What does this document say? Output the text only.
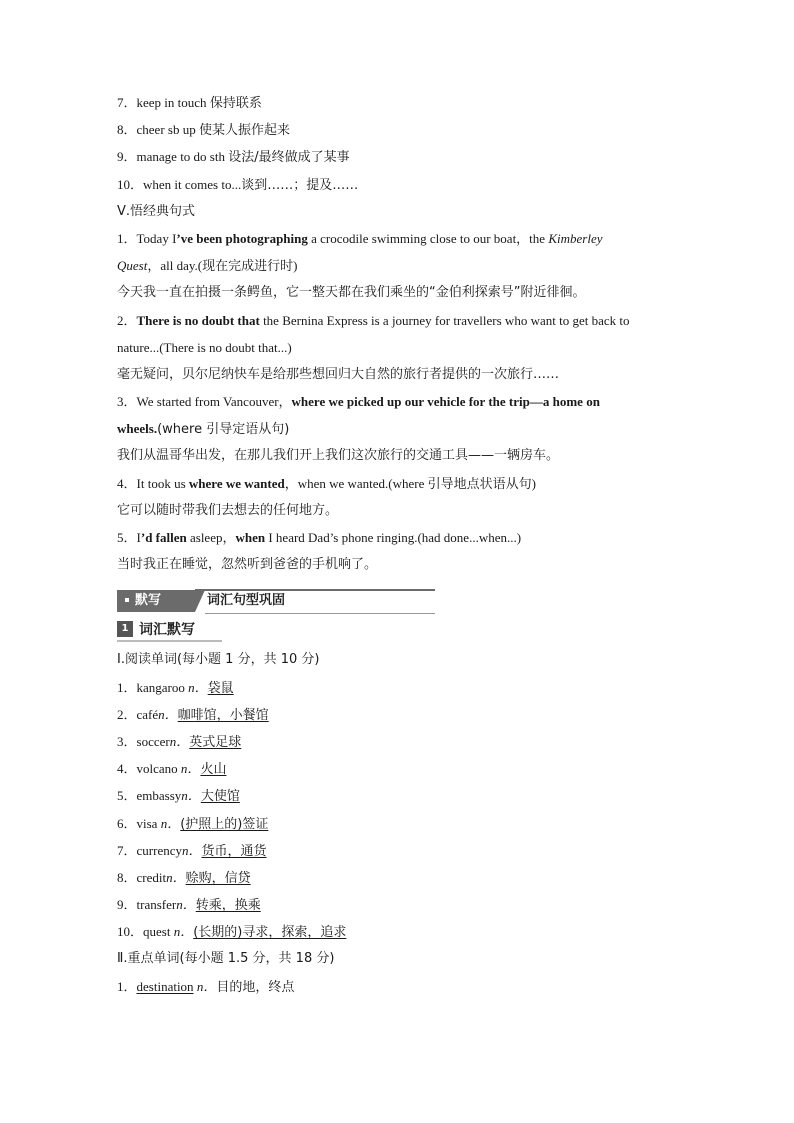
7．keep in touch 保持联系
8．cheer sb up 使某人振作起来
9．manage to do sth 设法/最终做成了某事
10．when it comes to...谈到……；提及……
Ⅴ.悟经典句式
1．Today I’ve been photographing a crocodile swimming close to our boat，the Kimberley
Quest，all day.(现在完成进行时)
今天我一直在拍摄一条鳄鱼，它一整天都在我们乘坐的“金伯利探索号”附近徘徊。
2．There is no doubt that the Bernina Express is a journey for travellers who want to get back to
nature...(There is no doubt that...)
毫无疑问，贝尔尼纳快车是给那些想回归大自然的旅行者提供的一次旅行……
3．We started from Vancouver，where we picked up our vehicle for the trip—a home on
wheels.(where 引导定语从句)
我们从温哥华出发，在那儿我们开上我们这次旅行的交通工具——一辆房车。
4．It took us where we wanted，when we wanted.(where 引导地点状语从句)
它可以随时带我们去想去的任何地方。
5．I’d fallen asleep，when I heard Dad’s phone ringing.(had done...when...)
当时我正在睡觉，忽然听到爸爸的手机响了。
默写	词汇句型巩固
1 词汇默写
Ⅰ.阅读单词(每小题 1 分，共 10 分)
1．kangaroo n．袋鼠
2．cafén．咖啡馆，小餐馆
3．soccern．英式足球
4．volcano n．火山
5．embassyn．大使馆
6．visa n．(护照上的)签证
7．currencyn．货币，通货
8．creditn．赊购，信贷
9．transfern．转乘，换乘
10．quest n．(长期的)寻求，探索，追求
Ⅱ.重点单词(每小题 1.5 分，共 18 分)
1．destination n．目的地，终点
